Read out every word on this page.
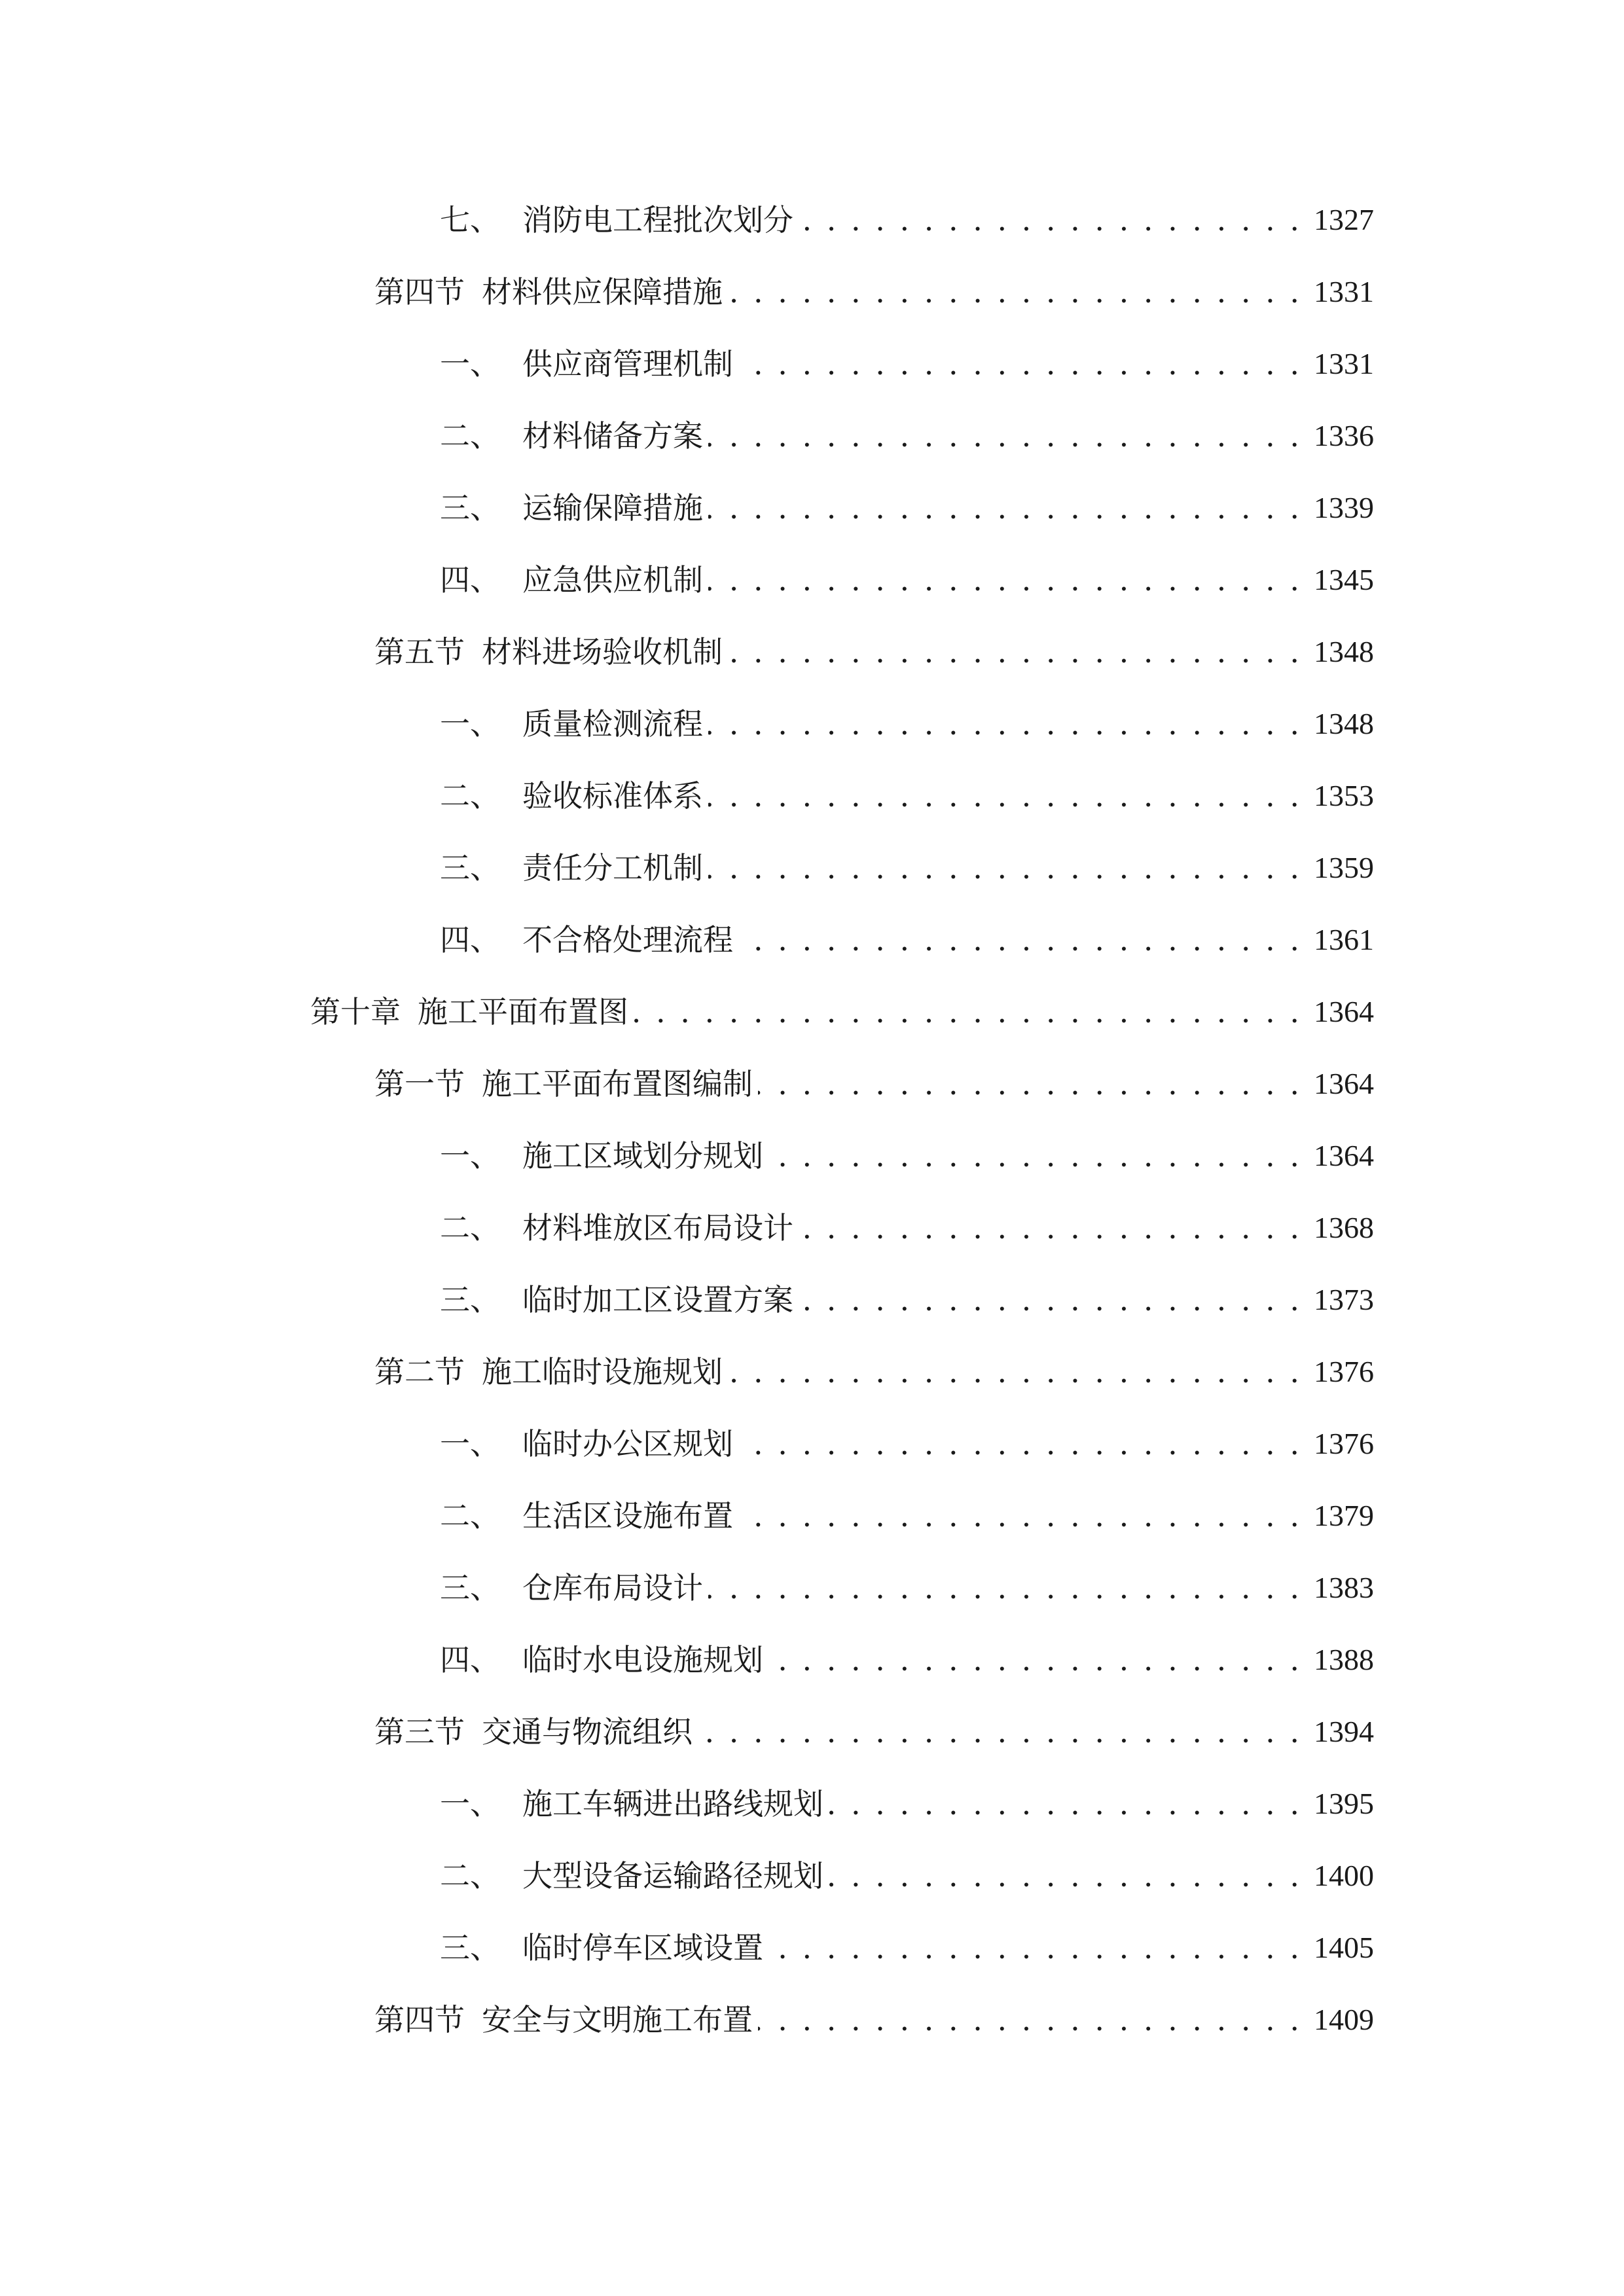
七、 消防电工程批次划分 . . .	1327
第四节 材料供应保障措施 . . .	1331
一、 供应商管理机制 . . .	1331
二、 材料储备方案 . . .	1336
三、 运输保障措施 . . .	1339
四、 应急供应机制 . . .	1345
第五节 材料进场验收机制 . . .	1348
一、 质量检测流程 . . .	1348
二、 验收标准体系 . . .	1353
三、 责任分工机制 . . .	1359
四、 不合格处理流程 . . .	1361
第十章 施工平面布置图 . . .	1364
第一节 施工平面布置图编制 . . .	1364
一、 施工区域划分规划 . . .	1364
二、 材料堆放区布局设计 . . .	1368
三、 临时加工区设置方案 . . .	1373
第二节 施工临时设施规划 . . .	1376
一、 临时办公区规划 . . .	1376
二、 生活区设施布置 . . .	1379
三、 仓库布局设计 . . .	1383
四、 临时水电设施规划 . . .	1388
第三节 交通与物流组织 . . .	1394
一、 施工车辆进出路线规划 . . .	1395
二、 大型设备运输路径规划 . . .	1400
三、 临时停车区域设置 . . .	1405
第四节 安全与文明施工布置 . . .	1409
